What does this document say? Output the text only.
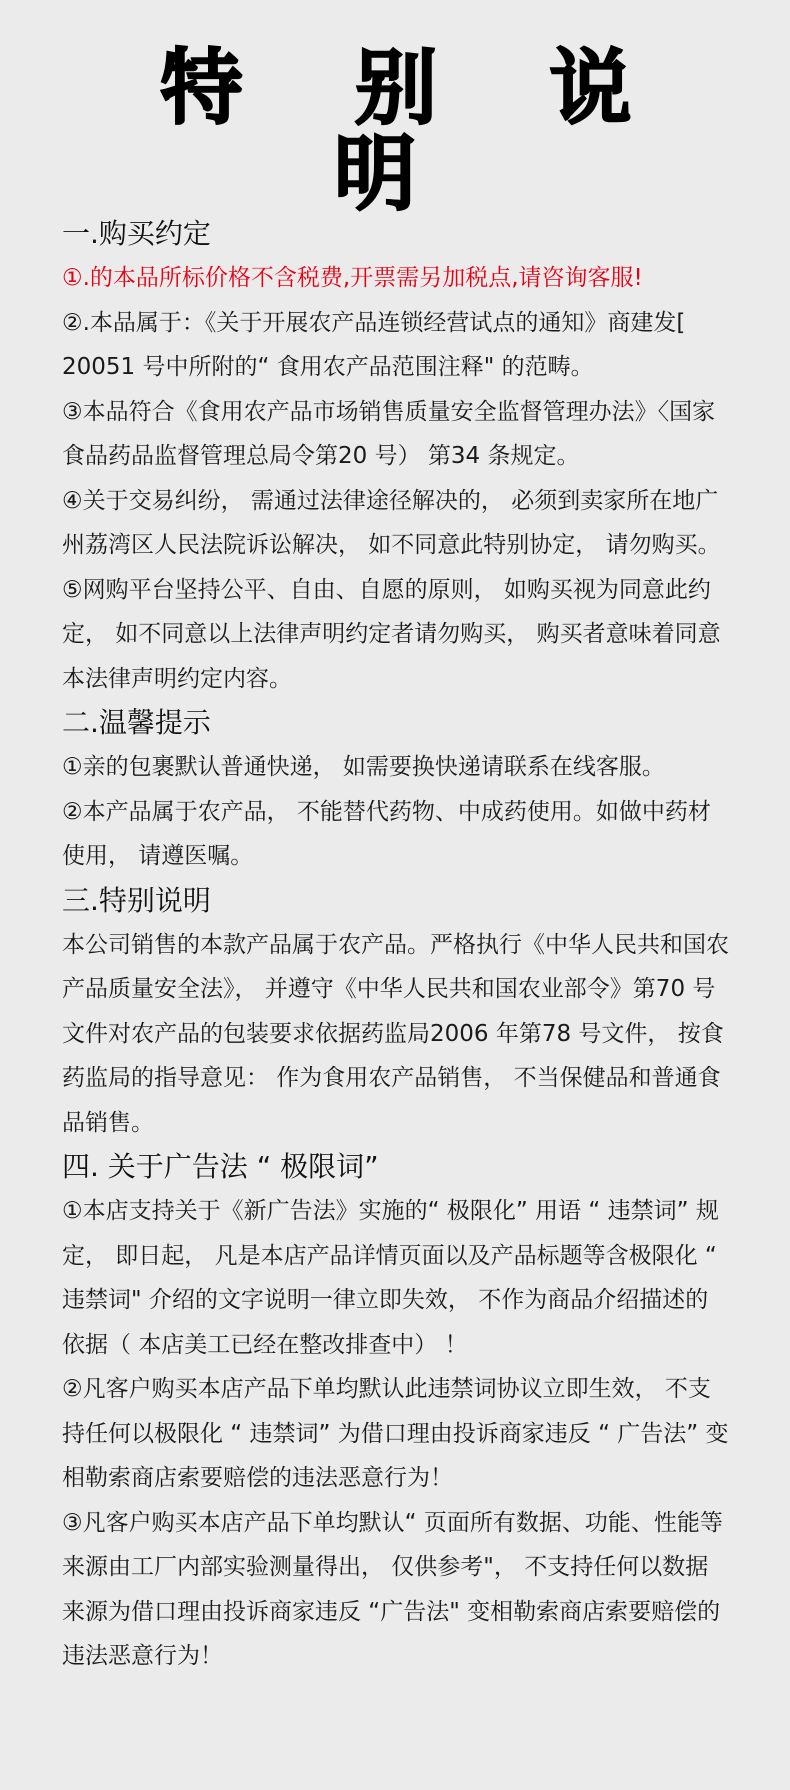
特 别 说 明
一.购买约定

①.的本品所标价格不含税费,开票需另加税点,请咨询客服!

②.本品属于：《关于开展农产品连锁经营试点的通知》商建发[ 20051 号中所附的“ 食用农产品范围注释" 的范畴。

③本品符合《食用农产品市场销售质量安全监督管理办法》〈国家食品药品监督管理总局令第20 号） 第34 条规定。

④关于交易纠纷， 需通过法律途径解决的， 必须到卖家所在地广州荔湾区人民法院诉讼解决， 如不同意此特别协定， 请勿购买。

⑤网购平台坚持公平、自由、自愿的原则， 如购买视为同意此约定， 如不同意以上法律声明约定者请勿购买， 购买者意味着同意本法律声明约定内容。

二.温馨提示

①亲的包裹默认普通快递， 如需要换快递请联系在线客服。

②本产品属于农产品， 不能替代药物、中成药使用。如做中药材使用， 请遵医嘱。

三.特别说明

本公司销售的本款产品属于农产品。严格执行《中华人民共和国农产品质量安全法》， 并遵守《中华人民共和国农业部令》第70 号文件对农产品的包装要求依据药监局2006 年第78 号文件， 按食药监局的指导意见： 作为食用农产品销售， 不当保健品和普通食品销售。

四. 关于广告法 “ 极限词”

①本店支持关于《新广告法》实施的“ 极限化” 用语 “ 违禁词” 规定， 即日起， 凡是本店产品详情页面以及产品标题等含极限化 “ 违禁词" 介绍的文字说明一律立即失效， 不作为商品介绍描述的依据（ 本店美工已经在整改排查中） ！

②凡客户购买本店产品下单均默认此违禁词协议立即生效， 不支持任何以极限化 “ 违禁词” 为借口理由投诉商家违反 “ 广告法” 变相勒索商店索要赔偿的违法恶意行为！

③凡客户购买本店产品下单均默认“ 页面所有数据、功能、性能等来源由工厂内部实验测量得出， 仅供参考"， 不支持任何以数据来源为借口理由投诉商家违反 “广告法" 变相勒索商店索要赔偿的违法恶意行为！
